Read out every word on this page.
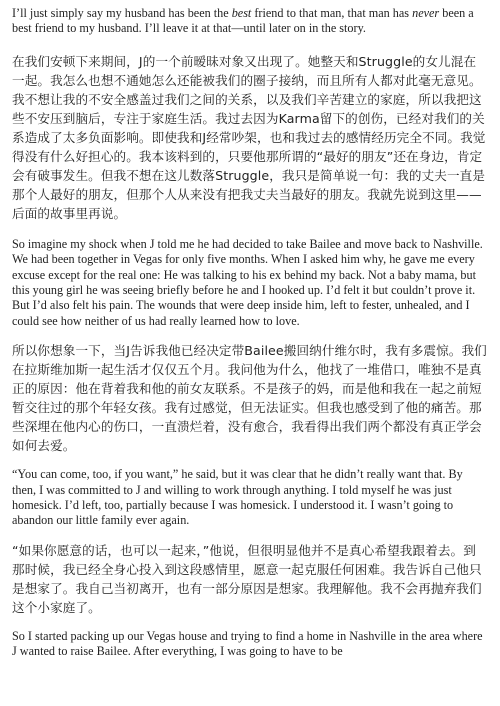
I’ll just simply say my husband has been the best friend to that man, that man has never been a best friend to my husband. I’ll leave it at that—until later on in the story.

在我们安顿下来期间，J的一个前暧昧对象又出现了。她整天和Struggle的女儿混在一起。我怎么也想不通她怎么还能被我们的圈子接纳，而且所有人都对此毫无意见。我不想让我的不安全感盖过我们之间的关系，以及我们辛苦建立的家庭，所以我把这些不安压到脑后，专注于家庭生活。我过去因为Karma留下的创伤，已经对我们的关系造成了太多负面影响。即使我和J经常吵架，也和我过去的感情经历完全不同。我觉得没有什么好担心的。我本该料到的，只要他那所谓的“最好的朋友”还在身边，肯定会有破事发生。但我不想在这儿数落Struggle，我只是简单说一句：我的丈夫一直是那个人最好的朋友，但那个人从来没有把我丈夫当最好的朋友。我就先说到这里——后面的故事里再说。

So imagine my shock when J told me he had decided to take Bailee and move back to Nashville. We had been together in Vegas for only five months. When I asked him why, he gave me every excuse except for the real one: He was talking to his ex behind my back. Not a baby mama, but this young girl he was seeing briefly before he and I hooked up. I’d felt it but couldn’t prove it. But I’d also felt his pain. The wounds that were deep inside him, left to fester, unhealed, and I could see how neither of us had really learned how to love.

所以你想象一下，当J告诉我他已经决定带Bailee搬回纳什维尔时，我有多震惊。我们在拉斯维加斯一起生活才仅仅五个月。我问他为什么，他找了一堆借口，唯独不是真正的原因：他在背着我和他的前女友联系。不是孩子的妈，而是他和我在一起之前短暂交往过的那个年轻女孩。我有过感觉，但无法证实。但我也感受到了他的痛苦。那些深埋在他内心的伤口，一直溃烂着，没有愈合，我看得出我们两个都没有真正学会如何去爱。

“You can come, too, if you want,” he said, but it was clear that he didn’t really want that. By then, I was committed to J and willing to work through anything. I told myself he was just homesick. I’d left, too, partially because I was homesick. I understood it. I wasn’t going to abandon our little family ever again.

“如果你愿意的话，也可以一起来，”他说，但很明显他并不是真心希望我跟着去。到那时候，我已经全身心投入到这段感情里，愿意一起克服任何困难。我告诉自己他只是想家了。我自己当初离开，也有一部分原因是想家。我理解他。我不会再抛弃我们这个小家庭了。

So I started packing up our Vegas house and trying to find a home in Nashville in the area where J wanted to raise Bailee. After everything, I was going to have to be
